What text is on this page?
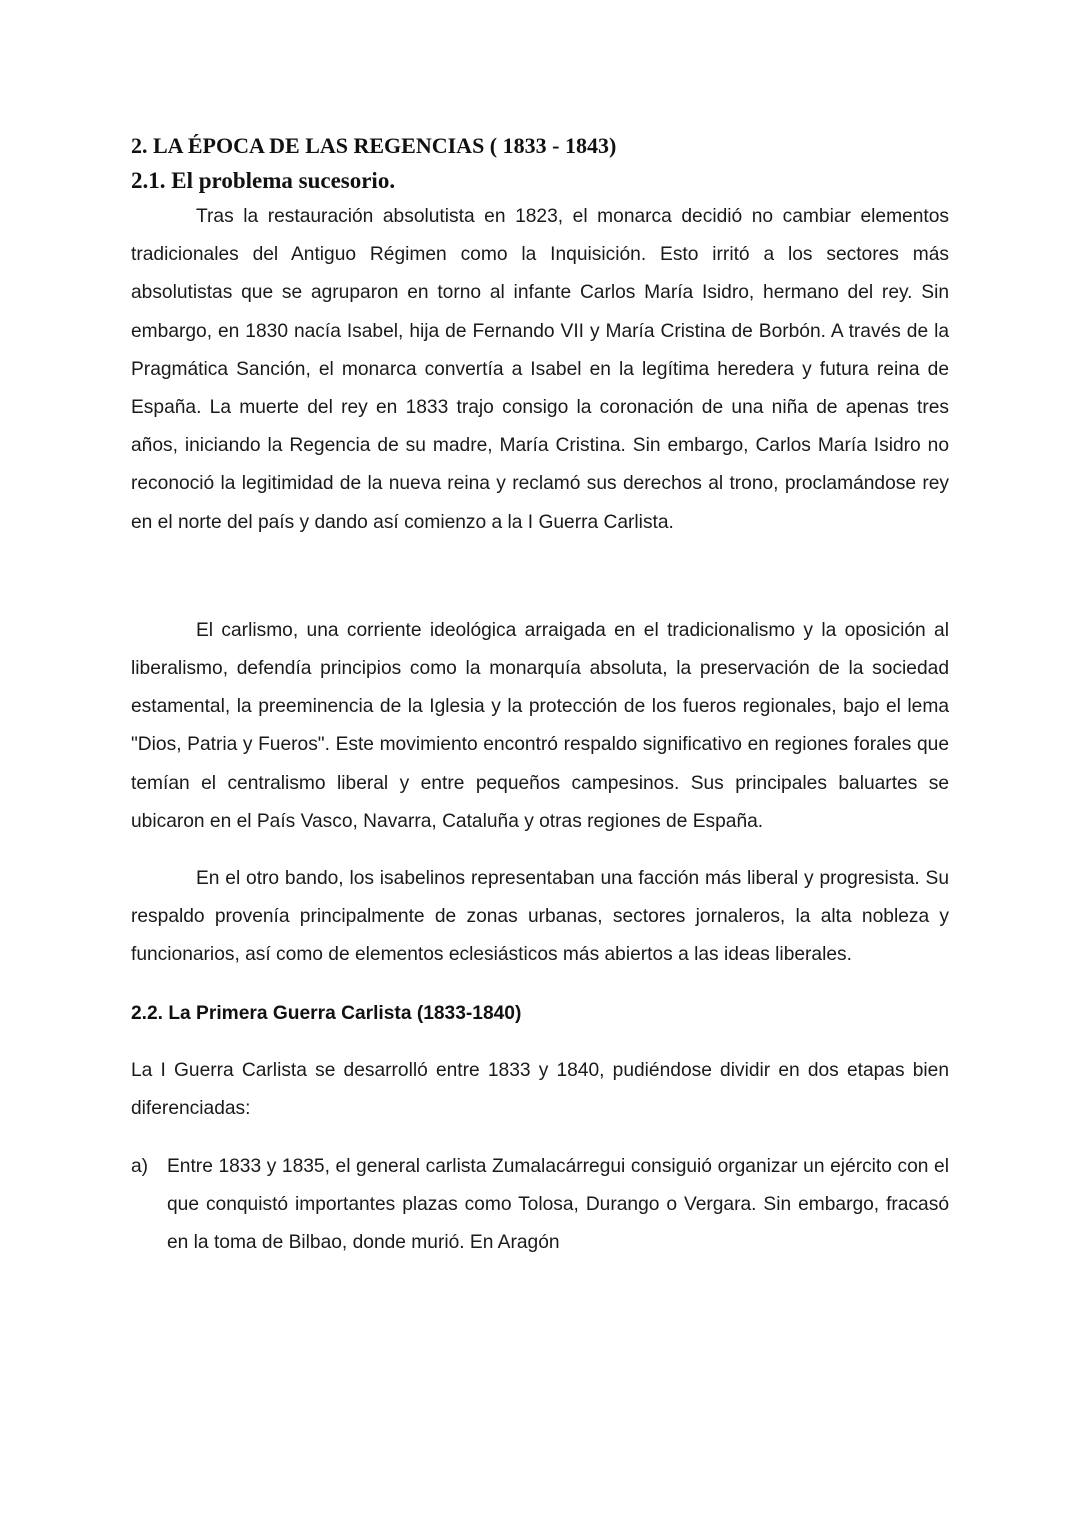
2. LA ÉPOCA DE LAS REGENCIAS ( 1833 - 1843)
2.1. El problema sucesorio.

Tras la restauración absolutista en 1823, el monarca decidió no cambiar elementos tradicionales del Antiguo Régimen como la Inquisición. Esto irritó a los sectores más absolutistas que se agruparon en torno al infante Carlos María Isidro, hermano del rey. Sin embargo, en 1830 nacía Isabel, hija de Fernando VII y María Cristina de Borbón. A través de la Pragmática Sanción, el monarca convertía a Isabel en la legítima heredera y futura reina de España. La muerte del rey en 1833 trajo consigo la coronación de una niña de apenas tres años, iniciando la Regencia de su madre, María Cristina. Sin embargo, Carlos María Isidro no reconoció la legitimidad de la nueva reina y reclamó sus derechos al trono, proclamándose rey en el norte del país y dando así comienzo a la I Guerra Carlista.

El carlismo, una corriente ideológica arraigada en el tradicionalismo y la oposición al liberalismo, defendía principios como la monarquía absoluta, la preservación de la sociedad estamental, la preeminencia de la Iglesia y la protección de los fueros regionales, bajo el lema "Dios, Patria y Fueros". Este movimiento encontró respaldo significativo en regiones forales que temían el centralismo liberal y entre pequeños campesinos. Sus principales baluartes se ubicaron en el País Vasco, Navarra, Cataluña y otras regiones de España.

En el otro bando, los isabelinos representaban una facción más liberal y progresista. Su respaldo provenía principalmente de zonas urbanas, sectores jornaleros, la alta nobleza y funcionarios, así como de elementos eclesiásticos más abiertos a las ideas liberales.

2.2. La Primera Guerra Carlista (1833-1840)

La I Guerra Carlista se desarrolló entre 1833 y 1840, pudiéndose dividir en dos etapas bien diferenciadas:

a) Entre 1833 y 1835, el general carlista Zumalacárregui consiguió organizar un ejército con el que conquistó importantes plazas como Tolosa, Durango o Vergara. Sin embargo, fracasó en la toma de Bilbao, donde murió. En Aragón
